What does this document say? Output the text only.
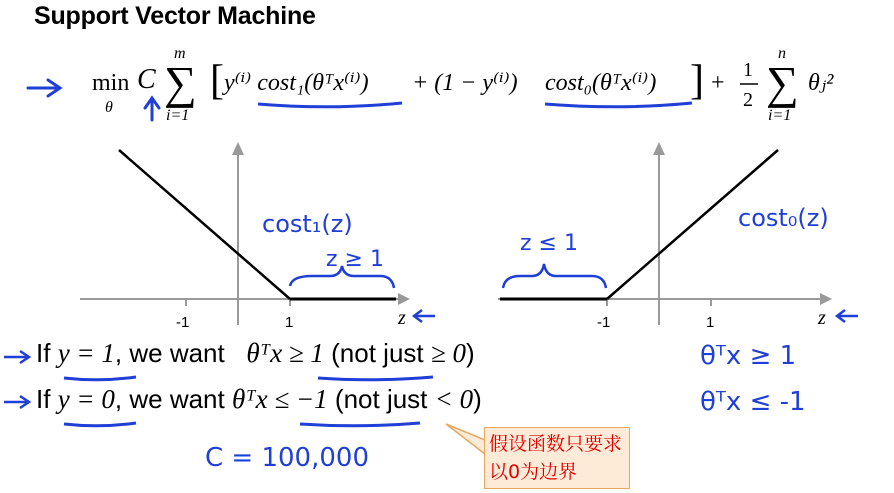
Support Vector Machine
min
θ
C
m
∑
i=1
[ y⁽ⁱ⁾ cost₁(θᵀx⁽ⁱ⁾) + (1 − y⁽ⁱ⁾) cost₀(θᵀx⁽ⁱ⁾) ] + 1
2
n
∑
i=1
θⱼ²
-1	1	z
cost₁(z)
z ≥ 1
-1	1	z
cost₀(z)
z ≤ 1
θᵀx ≥ 1
θᵀx ≤ -1
C = 100,000
If y = 1, we want θᵀx ≥ 1 (not just ≥ 0)
If y = 0, we want θᵀx ≤ −1 (not just < 0)
假设函数只要求以0为边界
